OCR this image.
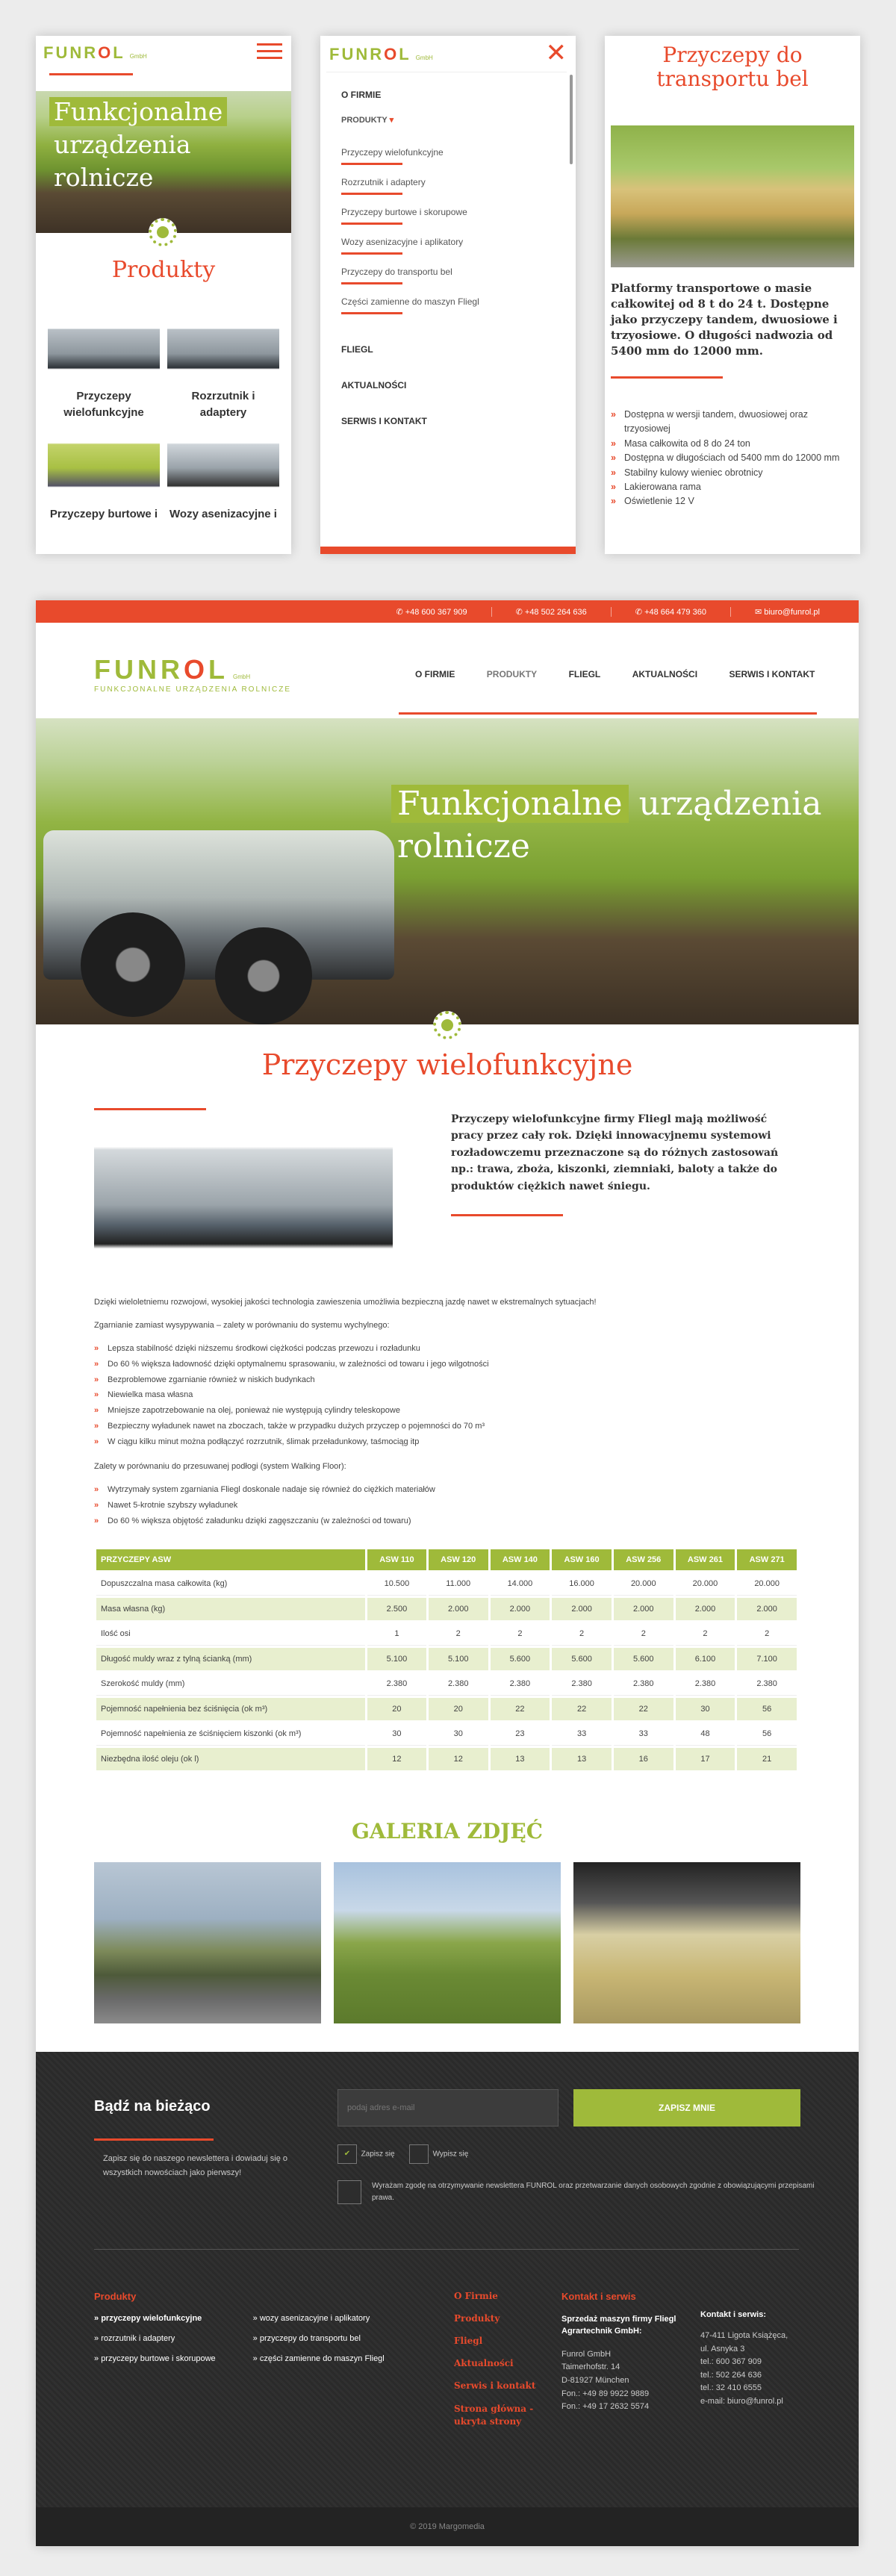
FUNROL GmbH
Funkcjonalne
urządzenia
rolnicze
Produkty
Przyczepy wielofunkcyjne
Rozrzutnik i adaptery
Przyczepy burtowe i Wozy asenizacyjne i
FUNROL GmbH	✕
O FIRMIE
PRODUKTY ▾
Przyczepy wielofunkcyjne
Rozrzutnik i adaptery
Przyczepy burtowe i skorupowe
Wozy asenizacyjne i aplikatory
Przyczepy do transportu bel
Części zamienne do maszyn Fliegl
FLIEGL
AKTUALNOŚCI
SERWIS I KONTAKT
Przyczepy do
transportu bel
Platformy transportowe o masie całkowitej od 8 t do 24 t. Dostępne jako przyczepy tandem, dwuosiowe i trzyosiowe. O długości nadwozia od 5400 mm do 12000 mm.
» Dostępna w wersji tandem, dwuosiowej oraz trzyosiowej
» Masa całkowita od 8 do 24 ton
» Dostępna w długościach od 5400 mm do 12000 mm
» Stabilny kulowy wieniec obrotnicy
» Lakierowana rama
» Oświetlenie 12 V
✆ +48 600 367 909	✆ +48 502 264 636	✆ +48 664 479 360	✉ biuro@funrol.pl
FUNROL GmbH
FUNKCJONALNE URZĄDZENIA ROLNICZE
O FIRMIE	PRODUKTY	FLIEGL	AKTUALNOŚCI	SERWIS I KONTAKT
Funkcjonalne urządzenia
rolnicze
Przyczepy wielofunkcyjne
Przyczepy wielofunkcyjne firmy Fliegl mają możliwość pracy przez cały rok. Dzięki innowacyjnemu systemowi rozładowczemu przeznaczone są do różnych zastosowań np.: trawa, zboża, kiszonki, ziemniaki, baloty a także do produktów ciężkich nawet śniegu.

Dzięki wieloletniemu rozwojowi, wysokiej jakości technologia zawieszenia umożliwia bezpieczną jazdę nawet w ekstremalnych sytuacjach!

Zgarnianie zamiast wysypywania – zalety w porównaniu do systemu wychylnego:

» Lepsza stabilność dzięki niższemu środkowi ciężkości podczas przewozu i rozładunku
» Do 60 % większa ładowność dzięki optymalnemu sprasowaniu, w zależności od towaru i jego wilgotności
» Bezproblemowe zgarnianie również w niskich budynkach
» Niewielka masa własna
» Mniejsze zapotrzebowanie na olej, ponieważ nie występują cylindry teleskopowe
» Bezpieczny wyładunek nawet na zboczach, także w przypadku dużych przyczep o pojemności do 70 m³
» W ciągu kilku minut można podłączyć rozrzutnik, ślimak przeładunkowy, taśmociąg itp

Zalety w porównaniu do przesuwanej podłogi (system Walking Floor):

» Wytrzymały system zgarniania Fliegl doskonale nadaje się również do ciężkich materiałów
» Nawet 5-krotnie szybszy wyładunek
» Do 60 % większa objętość załadunku dzięki zagęszczaniu (w zależności od towaru)
PRZYCZEPY ASW	ASW 110	ASW 120	ASW 140	ASW 160	ASW 256	ASW 261	ASW 271
Dopuszczalna masa całkowita (kg)	10.500	11.000	14.000	16.000	20.000	20.000	20.000
Masa własna (kg)	2.500	2.000	2.000	2.000	2.000	2.000	2.000
Ilość osi	1	2	2	2	2	2	2
Długość muldy wraz z tylną ścianką (mm)	5.100	5.100	5.600	5.600	5.600	6.100	7.100
Szerokość muldy (mm)	2.380	2.380	2.380	2.380	2.380	2.380	2.380
Pojemność napełnienia bez ściśnięcia (ok m³)	20	20	22	22	22	30	56
Pojemność napełnienia ze ściśnięciem kiszonki (ok m³)	30	30	23	33	33	48	56
Niezbędna ilość oleju (ok l)	12	12	13	13	16	17	21
GALERIA ZDJĘĆ
Bądź na bieżąco
Zapisz się do naszego newslettera i dowiaduj się o wszystkich nowościach jako pierwszy!
podaj adres e-mail
ZAPISZ MNIE
✔ Zapisz się	Wypisz się
Wyrażam zgodę na otrzymywanie newslettera FUNROL oraz przetwarzanie danych osobowych zgodnie z obowiązującymi przepisami prawa.
Produkty
» przyczepy wielofunkcyjne
» rozrzutnik i adaptery
» przyczepy burtowe i skorupowe
» wozy asenizacyjne i aplikatory
» przyczepy do transportu bel
» części zamienne do maszyn Fliegl
O Firmie
Produkty
Fliegl
Aktualności
Serwis i kontakt
Strona główna - ukryta strony
Kontakt i serwis
Sprzedaż maszyn firmy Fliegl Agrartechnik GmbH:
Funrol GmbH
Taimerhofstr. 14
D-81927 München
Fon.: +49 89 9922 9889
Fon.: +49 17 2632 5574
Kontakt i serwis:
47-411 Ligota Książęca,
ul. Asnyka 3
tel.: 600 367 909
tel.: 502 264 636
tel.: 32 410 6555
e-mail: biuro@funrol.pl
© 2019 Margomedia
